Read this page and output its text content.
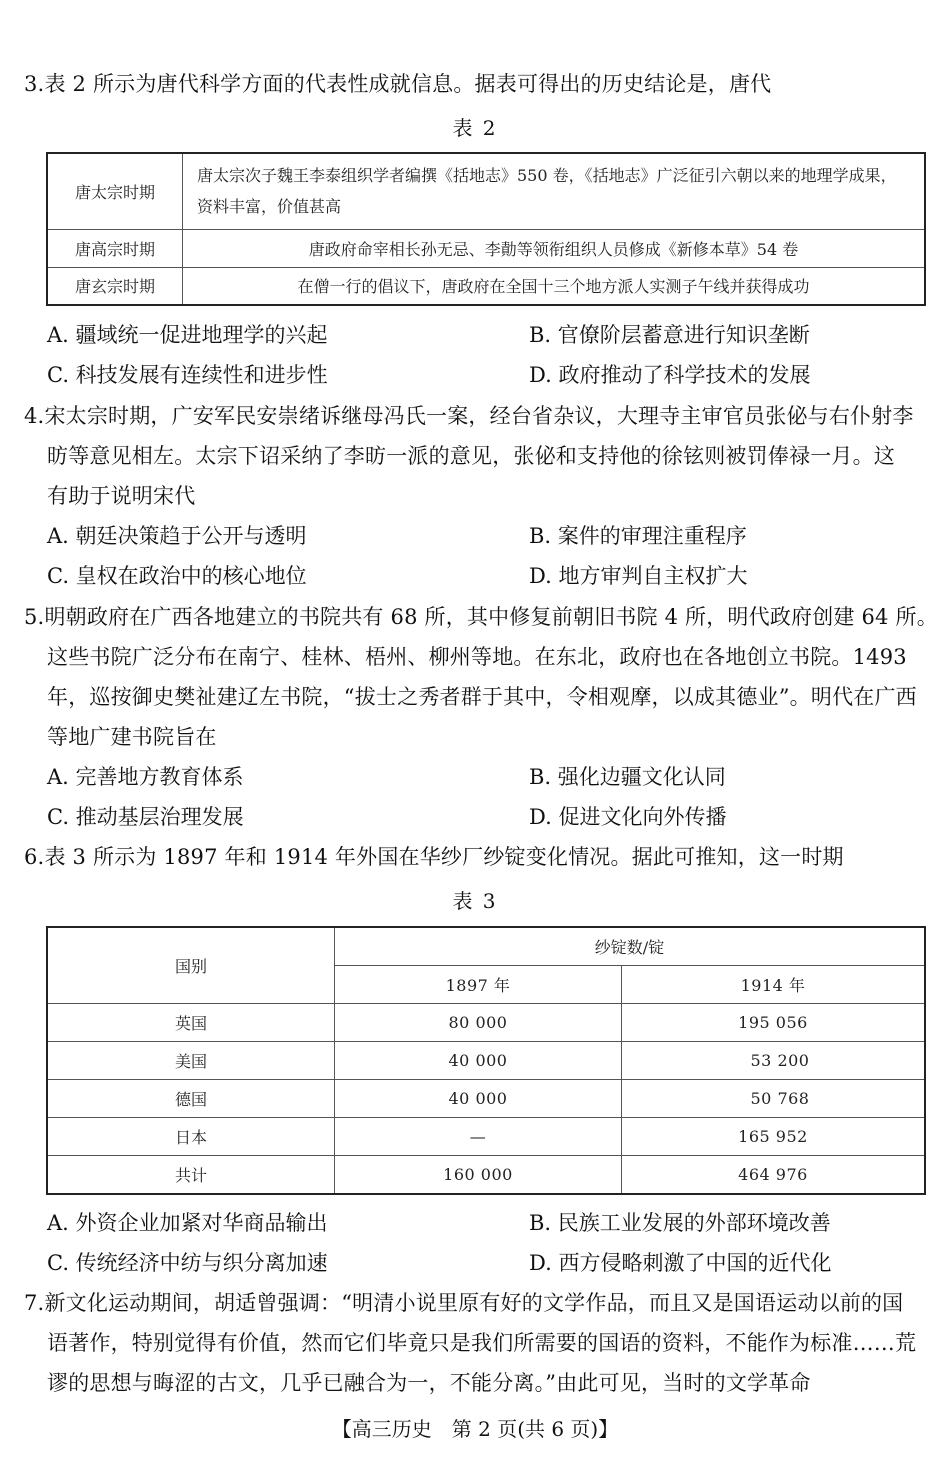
3.表 2 所示为唐代科学方面的代表性成就信息。据表可得出的历史结论是，唐代
表 2
唐太宗时期	唐太宗次子魏王李泰组织学者编撰《括地志》550 卷，《括地志》广泛征引六朝以来的地理学成果，资料丰富，价值甚高
唐高宗时期	唐政府命宰相长孙无忌、李勣等领衔组织人员修成《新修本草》54 卷
唐玄宗时期	在僧一行的倡议下，唐政府在全国十三个地方派人实测子午线并获得成功
A. 疆域统一促进地理学的兴起	B. 官僚阶层蓄意进行知识垄断
C. 科技发展有连续性和进步性	D. 政府推动了科学技术的发展
4.宋太宗时期，广安军民安崇绪诉继母冯氏一案，经台省杂议，大理寺主审官员张佖与右仆射李
昉等意见相左。太宗下诏采纳了李昉一派的意见，张佖和支持他的徐铉则被罚俸禄一月。这
有助于说明宋代
A. 朝廷决策趋于公开与透明	B. 案件的审理注重程序
C. 皇权在政治中的核心地位	D. 地方审判自主权扩大
5.明朝政府在广西各地建立的书院共有 68 所，其中修复前朝旧书院 4 所，明代政府创建 64 所。
这些书院广泛分布在南宁、桂林、梧州、柳州等地。在东北，政府也在各地创立书院。1493
年，巡按御史樊祉建辽左书院，“拔士之秀者群于其中，令相观摩，以成其德业”。明代在广西
等地广建书院旨在
A. 完善地方教育体系	B. 强化边疆文化认同
C. 推动基层治理发展	D. 促进文化向外传播
6.表 3 所示为 1897 年和 1914 年外国在华纱厂纱锭变化情况。据此可推知，这一时期
表 3
国别	纱锭数/锭	
	1897 年	1914 年
英国	80 000	195 056
美国	40 000	53 200
德国	40 000	50 768
日本	—	165 952
共计	160 000	464 976
A. 外资企业加紧对华商品输出	B. 民族工业发展的外部环境改善
C. 传统经济中纺与织分离加速	D. 西方侵略刺激了中国的近代化
7.新文化运动期间，胡适曾强调：“明清小说里原有好的文学作品，而且又是国语运动以前的国
语著作，特别觉得有价值，然而它们毕竟只是我们所需要的国语的资料，不能作为标准……荒
谬的思想与晦涩的古文，几乎已融合为一，不能分离。”由此可见，当时的文学革命
【高三历史　第 2 页(共 6 页)】
